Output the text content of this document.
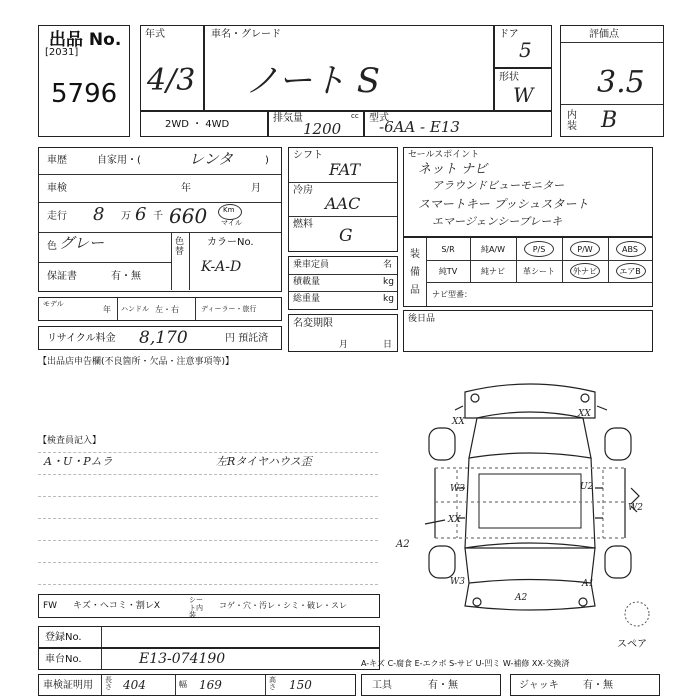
出品 No.
[2031]
5796
年式
4/3
車名・グレード
ノート S
ドア
5
形状
W
評価点
3.5
内装 B
2WD ・ 4WD
排気量	cc
1200
型式
-6AA - E13
車歴	自家用・(	レンタ	)
車検	年	月
走行 8 万 6 千 660 Km
マイル
色 グレー	色替
カラーNo.
K-A-D
保証書	有・無
モデル
年 ハンドル 左・右	ディーラー・旅行
リサイクル料金 8,170	円 預託済
シフト
FAT
冷房
AAC
燃料
G
乗車定員	名
積載量	kg
総重量	kg
名変期限
月	日
セールスポイント
ネット ナビ
アラウンドビューモニター
スマートキー プッシュスタート
エマージェンシーブレーキ
装
備
品
S/R	純A/W	P/S	P/W	ABS
純TV	純ナビ	革シート	外ナビ	エアB
ナビ型番：
後日品
【出品店申告欄(不良箇所・欠品・注意事項等)】
【検査員記入】
A・U・Pムラ	左Rタイヤハウス歪
XX
XX
W3	U2
W2
XX
A2
W3
A2
A1
スペア
FW キズ・ヘコミ・割レX
シート内装
コゲ・穴・汚レ・シミ・破レ・スレ
登録No.
車台No.	E13-074190
車検証明用 長さ 404	幅 169	高さ 150
A-キズ C-腐食 E-エクボ S-サビ U-凹ミ W-補修 XX-交換済
工具	有・無	ジャッキ 有・無
